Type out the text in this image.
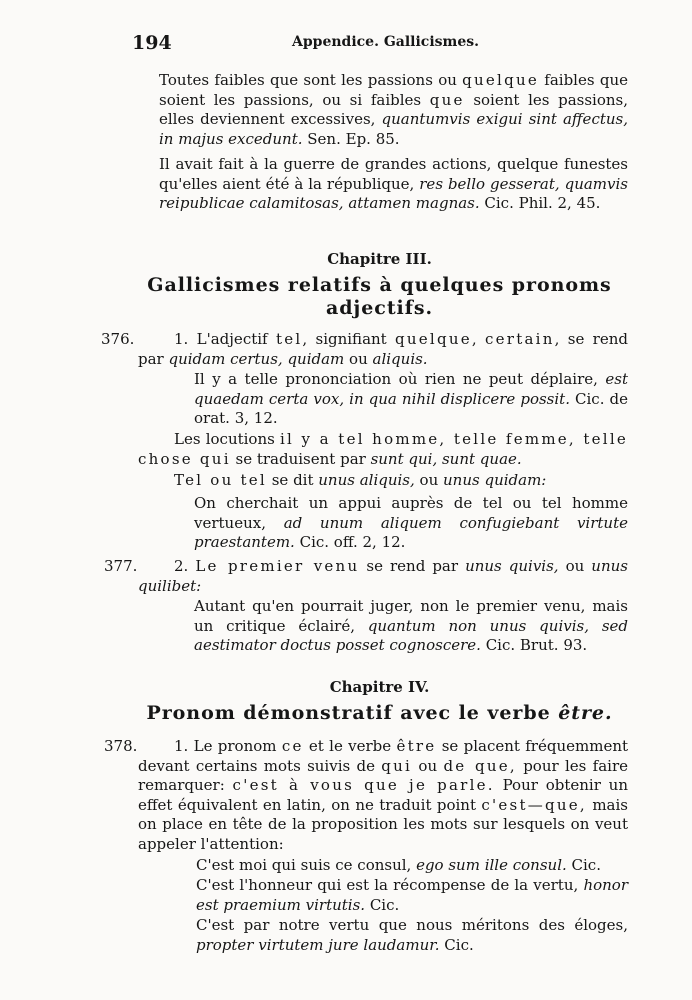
194	Appendice. Gallicismes.

Toutes faibles que sont les passions ou quelque faibles que soient les passions, ou si faibles que soient les passions, elles deviennent excessives, quantumvis exigui sint affectus, in majus excedunt. Sen. Ep. 85.

Il avait fait à la guerre de grandes actions, quelque funestes qu'elles aient été à la république, res bello gesserat, quamvis reipublicae calamitosas, attamen magnas. Cic. Phil. 2, 45.

Chapitre III.
Gallicismes relatifs à quelques pronoms adjectifs.
376.	1. L'adjectif tel, signifiant quelque, certain, se rend par quidam certus, quidam ou aliquis.

Il y a telle prononciation où rien ne peut déplaire, est quaedam certa vox, in qua nihil displicere possit. Cic. de orat. 3, 12.

Les locutions il y a tel homme, telle femme, telle chose qui se traduisent par sunt qui, sunt quae.

Tel ou tel se dit unus aliquis, ou unus quidam:

On cherchait un appui auprès de tel ou tel homme vertueux, ad unum aliquem confugiebant virtute praestantem. Cic. off. 2, 12.

377.	2. Le premier venu se rend par unus quivis, ou unus quilibet:

Autant qu'en pourrait juger, non le premier venu, mais un critique éclairé, quantum non unus quivis, sed aestimator doctus posset cognoscere. Cic. Brut. 93.

Chapitre IV.
Pronom démonstratif avec le verbe être.
378.	1. Le pronom ce et le verbe être se placent fréquemment devant certains mots suivis de qui ou de que, pour les faire remarquer: c'est à vous que je parle. Pour obtenir un effet équivalent en latin, on ne traduit point c'est—que, mais on place en tête de la proposition les mots sur lesquels on veut appeler l'attention:

C'est moi qui suis ce consul, ego sum ille consul. Cic.

C'est l'honneur qui est la récompense de la vertu, honor est praemium virtutis. Cic.

C'est par notre vertu que nous méritons des éloges, propter virtutem jure laudamur. Cic.
